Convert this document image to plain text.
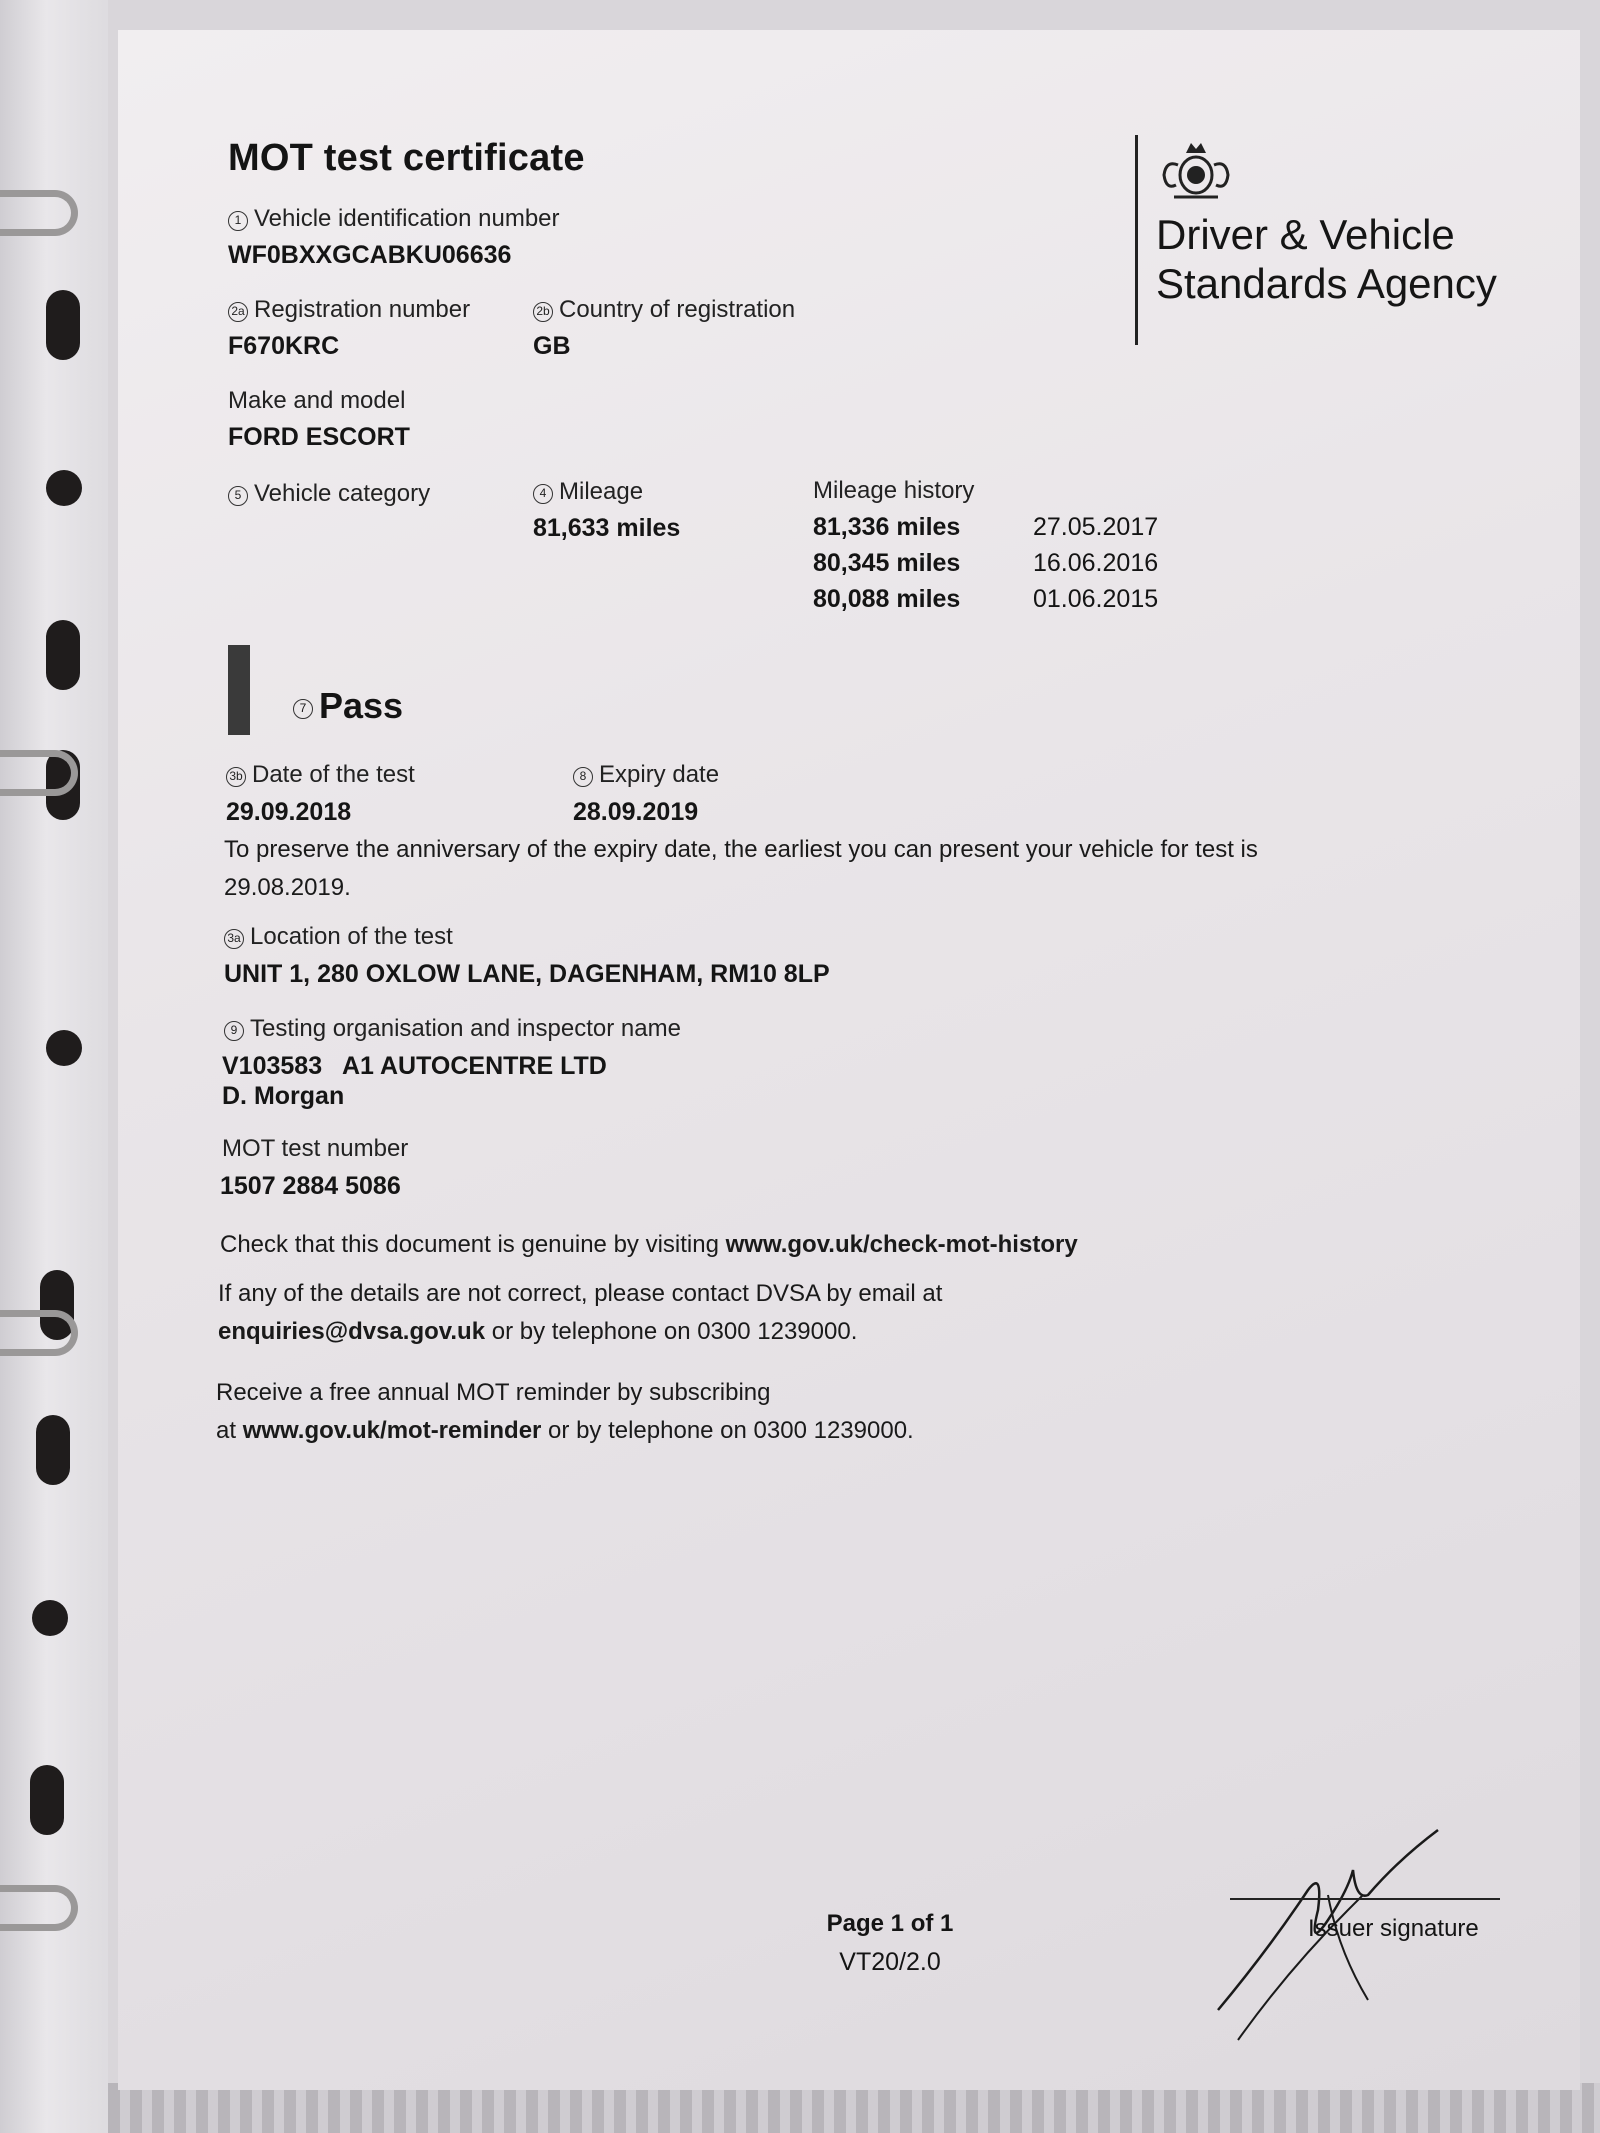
MOT test certificate
Driver & Vehicle Standards Agency
1 Vehicle identification number
WF0BXXGCABKU06636
2a Registration number
F670KRC
2b Country of registration
GB
Make and model
FORD ESCORT
5 Vehicle category	4 Mileage
81,633 miles
Mileage history
81,336 miles	27.05.2017
80,345 miles	16.06.2016
80,088 miles	01.06.2015
7 Pass
3b Date of the test
29.09.2018
8 Expiry date
28.09.2019
To preserve the anniversary of the expiry date, the earliest you can present your vehicle for test is
29.08.2019.
3a Location of the test
UNIT 1, 280 OXLOW LANE, DAGENHAM, RM10 8LP
9 Testing organisation and inspector name
V103583   A1 AUTOCENTRE LTD
D. Morgan
MOT test number
1507 2884 5086
Check that this document is genuine by visiting www.gov.uk/check-mot-history
If any of the details are not correct, please contact DVSA by email at
enquiries@dvsa.gov.uk or by telephone on 0300 1239000.
Receive a free annual MOT reminder by subscribing
at www.gov.uk/mot-reminder or by telephone on 0300 1239000.
Page 1 of 1
VT20/2.0
Issuer signature
